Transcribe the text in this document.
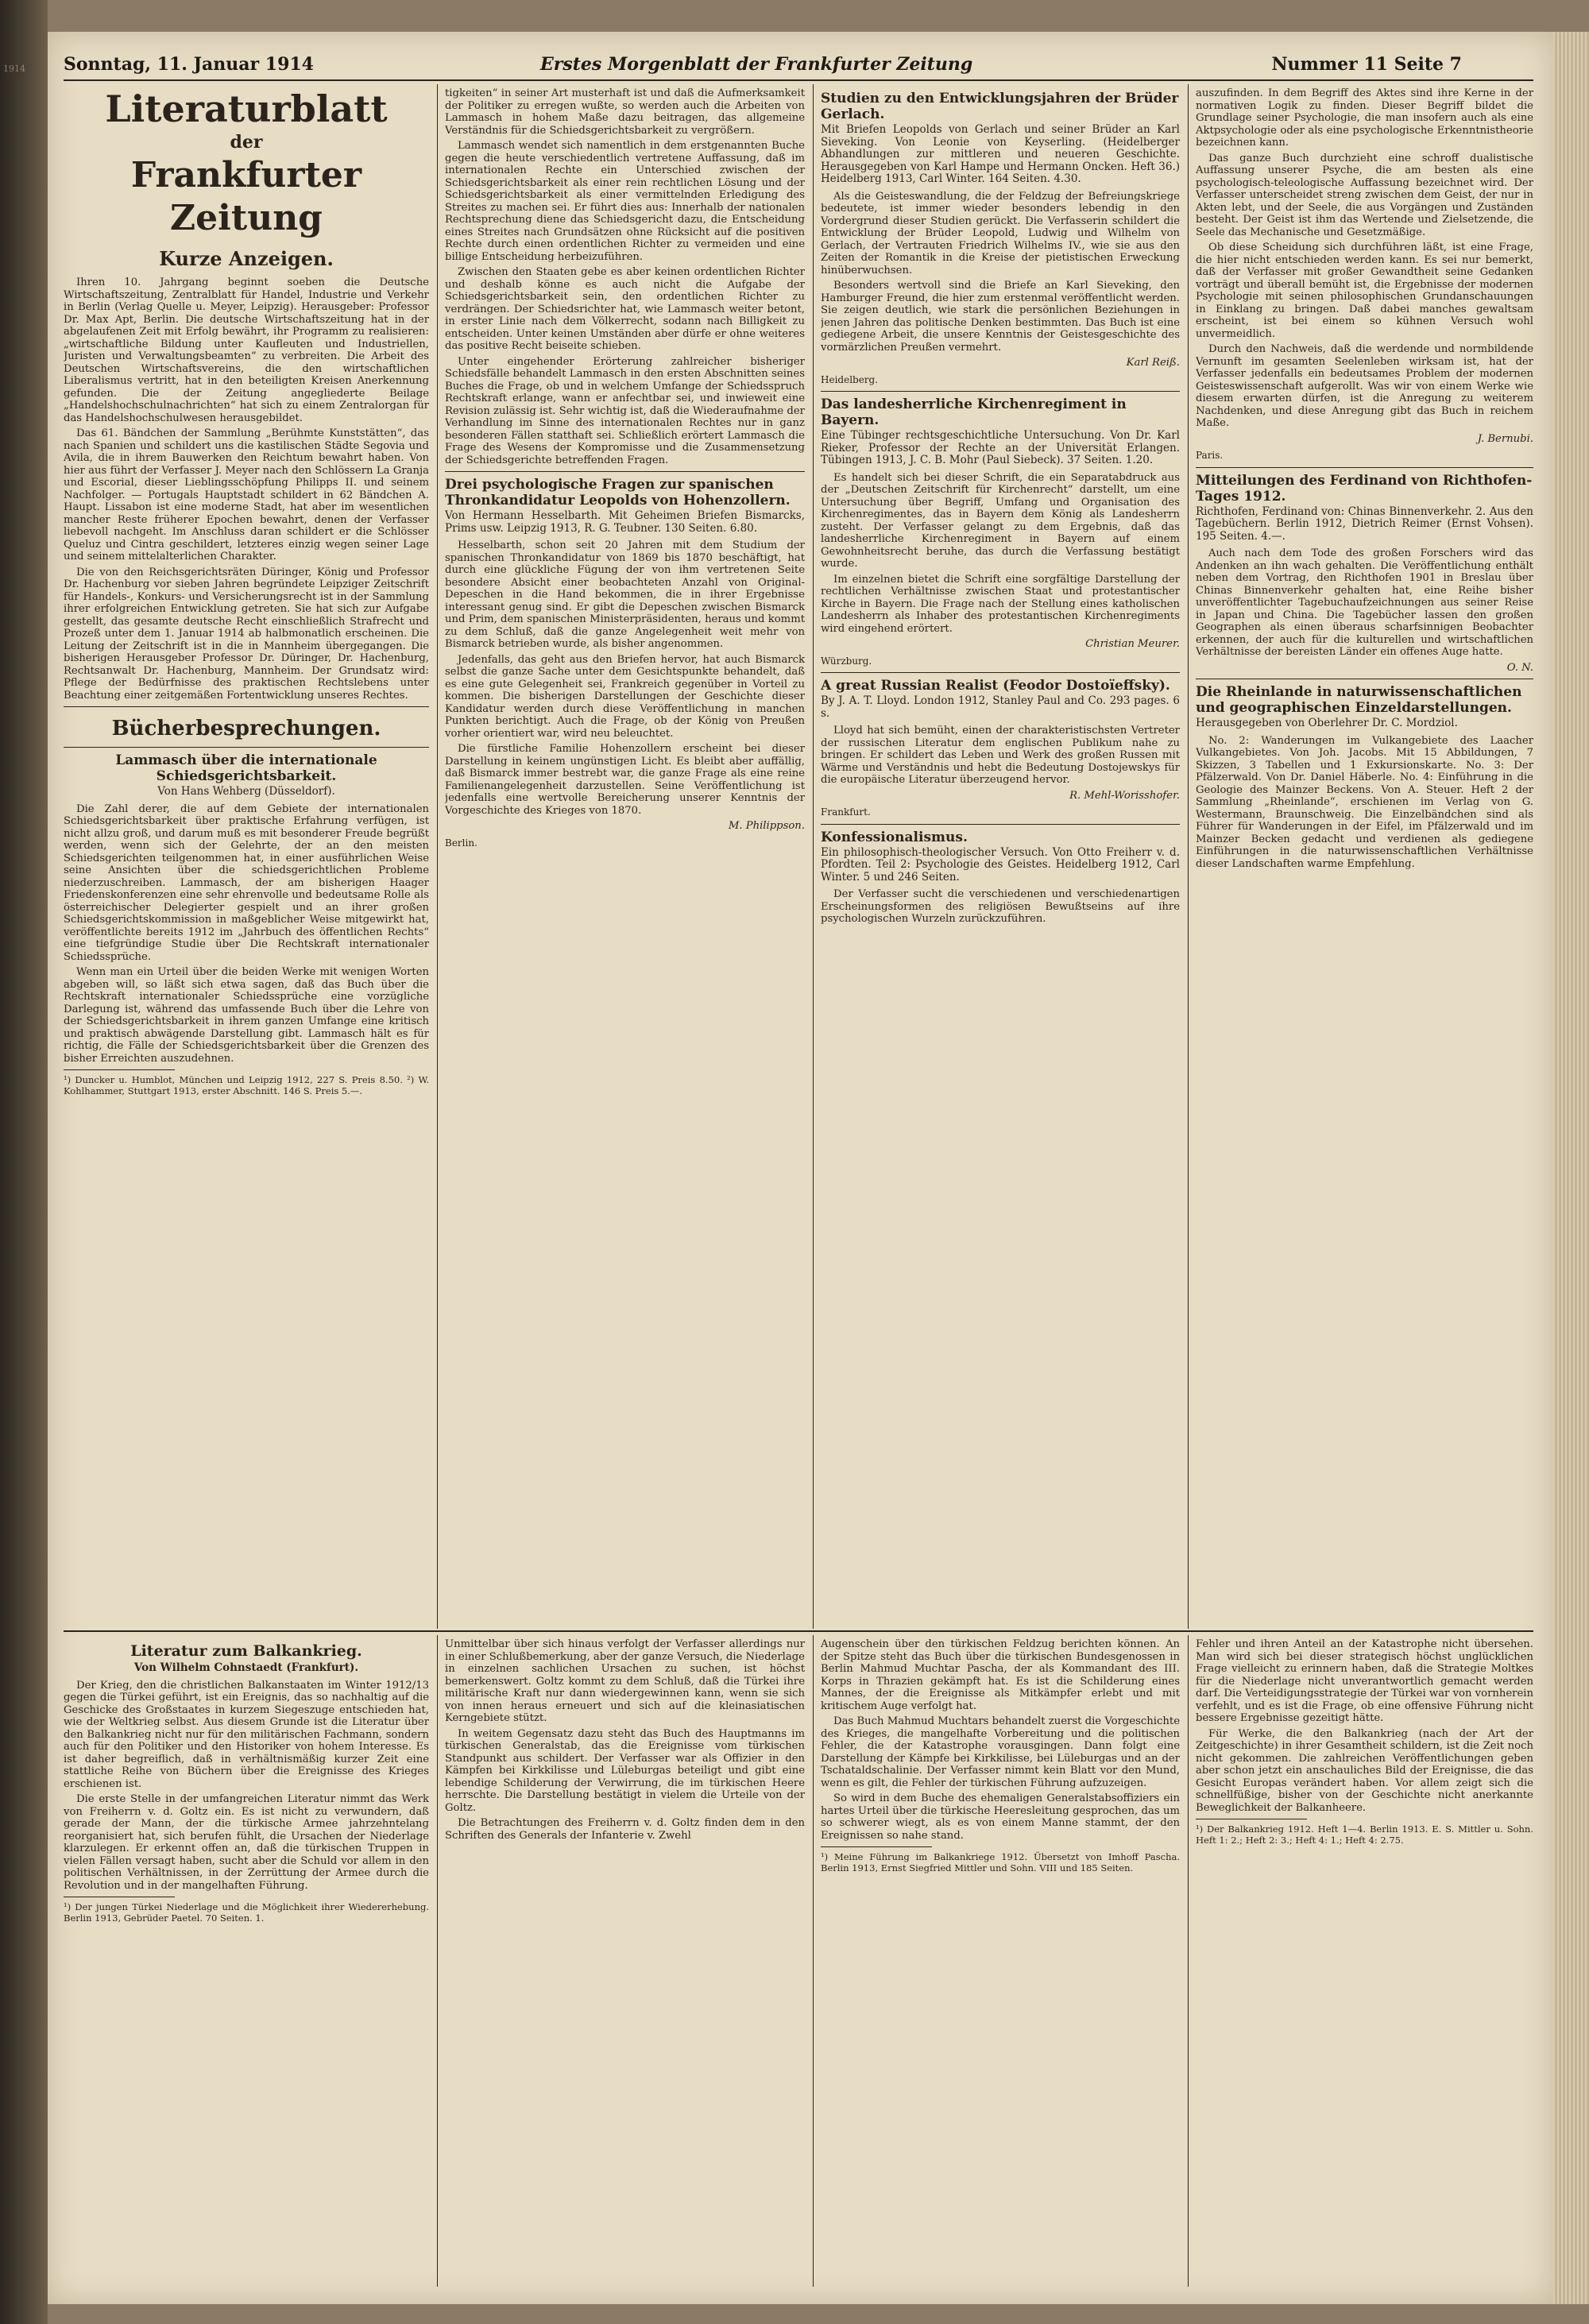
1914	Sonntag, 11. Januar 1914	Erstes Morgenblatt der Frankfurter Zeitung	Nummer 11 Seite 7
Literaturblatt
der
Frankfurter Zeitung
Kurze Anzeigen.

Ihren 10. Jahrgang beginnt soeben die Deutsche Wirtschaftszeitung, Zentralblatt für Handel, Industrie und Verkehr in Berlin (Verlag Quelle u. Meyer, Leipzig). Herausgeber: Professor Dr. Max Apt, Berlin. Die deutsche Wirtschaftszeitung hat in der abgelaufenen Zeit mit Erfolg bewährt, ihr Programm zu realisieren: „wirtschaftliche Bildung unter Kaufleuten und Industriellen, Juristen und Verwaltungsbeamten“ zu verbreiten. Die Arbeit des Deutschen Wirtschaftsvereins, die den wirtschaftlichen Liberalismus vertritt, hat in den beteiligten Kreisen Anerkennung gefunden. Die der Zeitung angegliederte Beilage „Handelshochschulnachrichten“ hat sich zu einem Zentralorgan für das Handelshochschulwesen herausgebildet.

Das 61. Bändchen der Sammlung „Berühmte Kunststätten“, das nach Spanien und schildert uns die kastilischen Städte Segovia und Avila, die in ihrem Bauwerken den Reichtum bewahrt haben. Von hier aus führt der Verfasser J. Meyer nach den Schlössern La Granja und Escorial, dieser Lieblingsschöpfung Philipps II. und seinem Nachfolger. — Portugals Hauptstadt schildert in 62 Bändchen A. Haupt. Lissabon ist eine moderne Stadt, hat aber im wesentlichen mancher Reste früherer Epochen bewahrt, denen der Verfasser liebevoll nachgeht. Im Anschluss daran schildert er die Schlösser Queluz und Cintra geschildert, letzteres einzig wegen seiner Lage und seinem mittelalterlichen Charakter.

Die von den Reichsgerichtsräten Düringer, König und Professor Dr. Hachenburg vor sieben Jahren begründete Leipziger Zeitschrift für Handels-, Konkurs- und Versicherungsrecht ist in der Sammlung ihrer erfolgreichen Entwicklung getreten. Sie hat sich zur Aufgabe gestellt, das gesamte deutsche Recht einschließlich Strafrecht und Prozeß unter dem 1. Januar 1914 ab halbmonatlich erscheinen. Die Leitung der Zeitschrift ist in die in Mannheim übergegangen. Die bisherigen Herausgeber Professor Dr. Düringer, Dr. Hachenburg, Rechtsanwalt Dr. Hachenburg, Mannheim. Der Grundsatz wird: Pflege der Bedürfnisse des praktischen Rechtslebens unter Beachtung einer zeitgemäßen Fortentwicklung unseres Rechtes.

Bücherbesprechungen.
Lammasch über die internationale Schiedsgerichtsbarkeit.
Von Hans Wehberg (Düsseldorf).

Die Zahl derer, die auf dem Gebiete der internationalen Schiedsgerichtsbarkeit über praktische Erfahrung verfügen, ist nicht allzu groß, und darum muß es mit besonderer Freude begrüßt werden, wenn sich der Gelehrte, der an den meisten Schiedsgerichten teilgenommen hat, in einer ausführlichen Weise seine Ansichten über die schiedsgerichtlichen Probleme niederzuschreiben. Lammasch, der am bisherigen Haager Friedenskonferenzen eine sehr ehrenvolle und bedeutsame Rolle als österreichischer Delegierter gespielt und an ihrer großen Schiedsgerichtskommission in maßgeblicher Weise mitgewirkt hat, veröffentlichte bereits 1912 im „Jahrbuch des öffentlichen Rechts“ eine tiefgründige Studie über Die Rechtskraft internationaler Schiedssprüche.

Wenn man ein Urteil über die beiden Werke mit wenigen Worten abgeben will, so läßt sich etwa sagen, daß das Buch über die Rechtskraft internationaler Schiedssprüche eine vorzügliche Darlegung ist, während das umfassende Buch über die Lehre von der Schiedsgerichtsbarkeit in ihrem ganzen Umfange eine kritisch und praktisch abwägende Darstellung gibt. Lammasch hält es für richtig, die Fälle der Schiedsgerichtsbarkeit über die Grenzen des bisher Erreichten auszudehnen.

¹) Duncker u. Humblot, München und Leipzig 1912, 227 S. Preis 8.50. ²) W. Kohlhammer, Stuttgart 1913, erster Abschnitt. 146 S. Preis 5.—.

tigkeiten“ in seiner Art musterhaft ist und daß die Aufmerksamkeit der Politiker zu erregen wußte, so werden auch die Arbeiten von Lammasch in hohem Maße dazu beitragen, das allgemeine Verständnis für die Schiedsgerichtsbarkeit zu vergrößern.

Lammasch wendet sich namentlich in dem erstgenannten Buche gegen die heute verschiedentlich vertretene Auffassung, daß im internationalen Rechte ein Unterschied zwischen der Schiedsgerichtsbarkeit als einer rein rechtlichen Lösung und der Schiedsgerichtsbarkeit als einer vermittelnden Erledigung des Streites zu machen sei. Er führt dies aus: Innerhalb der nationalen Rechtsprechung diene das Schiedsgericht dazu, die Entscheidung eines Streites nach Grundsätzen ohne Rücksicht auf die positiven Rechte durch einen ordentlichen Richter zu vermeiden und eine billige Entscheidung herbeizuführen.

Zwischen den Staaten gebe es aber keinen ordentlichen Richter und deshalb könne es auch nicht die Aufgabe der Schiedsgerichtsbarkeit sein, den ordentlichen Richter zu verdrängen. Der Schiedsrichter hat, wie Lammasch weiter betont, in erster Linie nach dem Völkerrecht, sodann nach Billigkeit zu entscheiden. Unter keinen Umständen aber dürfe er ohne weiteres das positive Recht beiseite schieben.

Unter eingehender Erörterung zahlreicher bisheriger Schiedsfälle behandelt Lammasch in den ersten Abschnitten seines Buches die Frage, ob und in welchem Umfange der Schiedsspruch Rechtskraft erlange, wann er anfechtbar sei, und inwieweit eine Revision zulässig ist. Sehr wichtig ist, daß die Wiederaufnahme der Verhandlung im Sinne des internationalen Rechtes nur in ganz besonderen Fällen statthaft sei. Schließlich erörtert Lammasch die Frage des Wesens der Kompromisse und die Zusammensetzung der Schiedsgerichte betreffenden Fragen.

Drei psychologische Fragen zur spanischen Thronkandidatur Leopolds von Hohenzollern.
Von Hermann Hesselbarth. Mit Geheimen Briefen Bismarcks, Prims usw. Leipzig 1913, R. G. Teubner. 130 Seiten. 6.80.

Hesselbarth, schon seit 20 Jahren mit dem Studium der spanischen Thronkandidatur von 1869 bis 1870 beschäftigt, hat durch eine glückliche Fügung der von ihm vertretenen Seite besondere Absicht einer beobachteten Anzahl von Original-Depeschen in die Hand bekommen, die in ihrer Ergebnisse interessant genug sind. Er gibt die Depeschen zwischen Bismarck und Prim, dem spanischen Ministerpräsidenten, heraus und kommt zu dem Schluß, daß die ganze Angelegenheit weit mehr von Bismarck betrieben wurde, als bisher angenommen.

Jedenfalls, das geht aus den Briefen hervor, hat auch Bismarck selbst die ganze Sache unter dem Gesichtspunkte behandelt, daß es eine gute Gelegenheit sei, Frankreich gegenüber in Vorteil zu kommen. Die bisherigen Darstellungen der Geschichte dieser Kandidatur werden durch diese Veröffentlichung in manchen Punkten berichtigt. Auch die Frage, ob der König von Preußen vorher orientiert war, wird neu beleuchtet.

Die fürstliche Familie Hohenzollern erscheint bei dieser Darstellung in keinem ungünstigen Licht. Es bleibt aber auffällig, daß Bismarck immer bestrebt war, die ganze Frage als eine reine Familienangelegenheit darzustellen. Seine Veröffentlichung ist jedenfalls eine wertvolle Bereicherung unserer Kenntnis der Vorgeschichte des Krieges von 1870.

M. Philippson.
Berlin.
Studien zu den Entwicklungsjahren der Brüder Gerlach.
Mit Briefen Leopolds von Gerlach und seiner Brüder an Karl Sieveking. Von Leonie von Keyserling. (Heidelberger Abhandlungen zur mittleren und neueren Geschichte. Herausgegeben von Karl Hampe und Hermann Oncken. Heft 36.) Heidelberg 1913, Carl Winter. 164 Seiten. 4.30.

Als die Geisteswandlung, die der Feldzug der Befreiungskriege bedeutete, ist immer wieder besonders lebendig in den Vordergrund dieser Studien gerückt. Die Verfasserin schildert die Entwicklung der Brüder Leopold, Ludwig und Wilhelm von Gerlach, der Vertrauten Friedrich Wilhelms IV., wie sie aus den Zeiten der Romantik in die Kreise der pietistischen Erweckung hinüberwuchsen.

Besonders wertvoll sind die Briefe an Karl Sieveking, den Hamburger Freund, die hier zum erstenmal veröffentlicht werden. Sie zeigen deutlich, wie stark die persönlichen Beziehungen in jenen Jahren das politische Denken bestimmten. Das Buch ist eine gediegene Arbeit, die unsere Kenntnis der Geistesgeschichte des vormärzlichen Preußen vermehrt.

Karl Reiß.
Heidelberg.
Das landesherrliche Kirchenregiment in Bayern.
Eine Tübinger rechtsgeschichtliche Untersuchung. Von Dr. Karl Rieker, Professor der Rechte an der Universität Erlangen. Tübingen 1913, J. C. B. Mohr (Paul Siebeck). 37 Seiten. 1.20.

Es handelt sich bei dieser Schrift, die ein Separatabdruck aus der „Deutschen Zeitschrift für Kirchenrecht“ darstellt, um eine Untersuchung über Begriff, Umfang und Organisation des Kirchenregimentes, das in Bayern dem König als Landesherrn zusteht. Der Verfasser gelangt zu dem Ergebnis, daß das landesherrliche Kirchenregiment in Bayern auf einem Gewohnheitsrecht beruhe, das durch die Verfassung bestätigt wurde.

Im einzelnen bietet die Schrift eine sorgfältige Darstellung der rechtlichen Verhältnisse zwischen Staat und protestantischer Kirche in Bayern. Die Frage nach der Stellung eines katholischen Landesherrn als Inhaber des protestantischen Kirchenregiments wird eingehend erörtert.

Christian Meurer.
Würzburg.
A great Russian Realist (Feodor Dostoïeffsky).
By J. A. T. Lloyd. London 1912, Stanley Paul and Co. 293 pages. 6 s.

Lloyd hat sich bemüht, einen der charakteristischsten Vertreter der russischen Literatur dem englischen Publikum nahe zu bringen. Er schildert das Leben und Werk des großen Russen mit Wärme und Verständnis und hebt die Bedeutung Dostojewskys für die europäische Literatur überzeugend hervor.

R. Mehl-Worisshofer.
Frankfurt.
Konfessionalismus.
Ein philosophisch-theologischer Versuch. Von Otto Freiherr v. d. Pfordten. Teil 2: Psychologie des Geistes. Heidelberg 1912, Carl Winter. 5 und 246 Seiten.

Der Verfasser sucht die verschiedenen und verschiedenartigen Erscheinungsformen des religiösen Bewußtseins auf ihre psychologischen Wurzeln zurückzuführen.

auszufinden. In dem Begriff des Aktes sind ihre Kerne in der normativen Logik zu finden. Dieser Begriff bildet die Grundlage seiner Psychologie, die man insofern auch als eine Aktpsychologie oder als eine psychologische Erkenntnistheorie bezeichnen kann.

Das ganze Buch durchzieht eine schroff dualistische Auffassung unserer Psyche, die am besten als eine psychologisch-teleologische Auffassung bezeichnet wird. Der Verfasser unterscheidet streng zwischen dem Geist, der nur in Akten lebt, und der Seele, die aus Vorgängen und Zuständen besteht. Der Geist ist ihm das Wertende und Zielsetzende, die Seele das Mechanische und Gesetzmäßige.

Ob diese Scheidung sich durchführen läßt, ist eine Frage, die hier nicht entschieden werden kann. Es sei nur bemerkt, daß der Verfasser mit großer Gewandtheit seine Gedanken vorträgt und überall bemüht ist, die Ergebnisse der modernen Psychologie mit seinen philosophischen Grundanschauungen in Einklang zu bringen. Daß dabei manches gewaltsam erscheint, ist bei einem so kühnen Versuch wohl unvermeidlich.

Durch den Nachweis, daß die werdende und normbildende Vernunft im gesamten Seelenleben wirksam ist, hat der Verfasser jedenfalls ein bedeutsames Problem der modernen Geisteswissenschaft aufgerollt. Was wir von einem Werke wie diesem erwarten dürfen, ist die Anregung zu weiterem Nachdenken, und diese Anregung gibt das Buch in reichem Maße.

J. Bernubi.
Paris.
Mitteilungen des Ferdinand von Richthofen-Tages 1912.
Richthofen, Ferdinand von: Chinas Binnenverkehr. 2. Aus den Tagebüchern. Berlin 1912, Dietrich Reimer (Ernst Vohsen). 195 Seiten. 4.—.

Auch nach dem Tode des großen Forschers wird das Andenken an ihn wach gehalten. Die Veröffentlichung enthält neben dem Vortrag, den Richthofen 1901 in Breslau über Chinas Binnenverkehr gehalten hat, eine Reihe bisher unveröffentlichter Tagebuchaufzeichnungen aus seiner Reise in Japan und China. Die Tagebücher lassen den großen Geographen als einen überaus scharfsinnigen Beobachter erkennen, der auch für die kulturellen und wirtschaftlichen Verhältnisse der bereisten Länder ein offenes Auge hatte.

O. N.
Die Rheinlande in naturwissenschaftlichen und geographischen Einzeldarstellungen.
Herausgegeben von Oberlehrer Dr. C. Mordziol.

No. 2: Wanderungen im Vulkangebiete des Laacher Vulkangebietes. Von Joh. Jacobs. Mit 15 Abbildungen, 7 Skizzen, 3 Tabellen und 1 Exkursionskarte. No. 3: Der Pfälzerwald. Von Dr. Daniel Häberle. No. 4: Einführung in die Geologie des Mainzer Beckens. Von A. Steuer. Heft 2 der Sammlung „Rheinlande“, erschienen im Verlag von G. Westermann, Braunschweig. Die Einzelbändchen sind als Führer für Wanderungen in der Eifel, im Pfälzerwald und im Mainzer Becken gedacht und verdienen als gediegene Einführungen in die naturwissenschaftlichen Verhältnisse dieser Landschaften warme Empfehlung.

Literatur zum Balkankrieg.
Von Wilhelm Cohnstaedt (Frankfurt).

Der Krieg, den die christlichen Balkanstaaten im Winter 1912/13 gegen die Türkei geführt, ist ein Ereignis, das so nachhaltig auf die Geschicke des Großstaates in kurzem Siegeszuge entschieden hat, wie der Weltkrieg selbst. Aus diesem Grunde ist die Literatur über den Balkankrieg nicht nur für den militärischen Fachmann, sondern auch für den Politiker und den Historiker von hohem Interesse. Es ist daher begreiflich, daß in verhältnismäßig kurzer Zeit eine stattliche Reihe von Büchern über die Ereignisse des Krieges erschienen ist.

Die erste Stelle in der umfangreichen Literatur nimmt das Werk von Freiherrn v. d. Goltz ein. Es ist nicht zu verwundern, daß gerade der Mann, der die türkische Armee jahrzehntelang reorganisiert hat, sich berufen fühlt, die Ursachen der Niederlage klarzulegen. Er erkennt offen an, daß die türkischen Truppen in vielen Fällen versagt haben, sucht aber die Schuld vor allem in den politischen Verhältnissen, in der Zerrüttung der Armee durch die Revolution und in der mangelhaften Führung.

¹) Der jungen Türkei Niederlage und die Möglichkeit ihrer Wiedererhebung. Berlin 1913, Gebrüder Paetel. 70 Seiten. 1.

Unmittelbar über sich hinaus verfolgt der Verfasser allerdings nur in einer Schlußbemerkung, aber der ganze Versuch, die Niederlage in einzelnen sachlichen Ursachen zu suchen, ist höchst bemerkenswert. Goltz kommt zu dem Schluß, daß die Türkei ihre militärische Kraft nur dann wiedergewinnen kann, wenn sie sich von innen heraus erneuert und sich auf die kleinasiatischen Kerngebiete stützt.

In weitem Gegensatz dazu steht das Buch des Hauptmanns im türkischen Generalstab, das die Ereignisse vom türkischen Standpunkt aus schildert. Der Verfasser war als Offizier in den Kämpfen bei Kirkkilisse und Lüleburgas beteiligt und gibt eine lebendige Schilderung der Verwirrung, die im türkischen Heere herrschte. Die Darstellung bestätigt in vielem die Urteile von der Goltz.

Die Betrachtungen des Freiherrn v. d. Goltz finden dem in den Schriften des Generals der Infanterie v. Zwehl

Augenschein über den türkischen Feldzug berichten können. An der Spitze steht das Buch über die türkischen Bundesgenossen in Berlin Mahmud Muchtar Pascha, der als Kommandant des III. Korps in Thrazien gekämpft hat. Es ist die Schilderung eines Mannes, der die Ereignisse als Mitkämpfer erlebt und mit kritischem Auge verfolgt hat.

Das Buch Mahmud Muchtars behandelt zuerst die Vorgeschichte des Krieges, die mangelhafte Vorbereitung und die politischen Fehler, die der Katastrophe vorausgingen. Dann folgt eine Darstellung der Kämpfe bei Kirkkilisse, bei Lüleburgas und an der Tschataldschalinie. Der Verfasser nimmt kein Blatt vor den Mund, wenn es gilt, die Fehler der türkischen Führung aufzuzeigen.

So wird in dem Buche des ehemaligen Generalstabsoffiziers ein hartes Urteil über die türkische Heeresleitung gesprochen, das um so schwerer wiegt, als es von einem Manne stammt, der den Ereignissen so nahe stand.

¹) Meine Führung im Balkankriege 1912. Übersetzt von Imhoff Pascha. Berlin 1913, Ernst Siegfried Mittler und Sohn. VIII und 185 Seiten.

Fehler und ihren Anteil an der Katastrophe nicht übersehen. Man wird sich bei dieser strategisch höchst unglücklichen Frage vielleicht zu erinnern haben, daß die Strategie Moltkes für die Niederlage nicht unverantwortlich gemacht werden darf. Die Verteidigungsstrategie der Türkei war von vornherein verfehlt, und es ist die Frage, ob eine offensive Führung nicht bessere Ergebnisse gezeitigt hätte.

Für Werke, die den Balkankrieg (nach der Art der Zeitgeschichte) in ihrer Gesamtheit schildern, ist die Zeit noch nicht gekommen. Die zahlreichen Veröffentlichungen geben aber schon jetzt ein anschauliches Bild der Ereignisse, die das Gesicht Europas verändert haben. Vor allem zeigt sich die schnellfüßige, bisher von der Geschichte nicht anerkannte Beweglichkeit der Balkanheere.

¹) Der Balkankrieg 1912. Heft 1—4. Berlin 1913. E. S. Mittler u. Sohn. Heft 1: 2.; Heft 2: 3.; Heft 4: 1.; Heft 4: 2.75.
